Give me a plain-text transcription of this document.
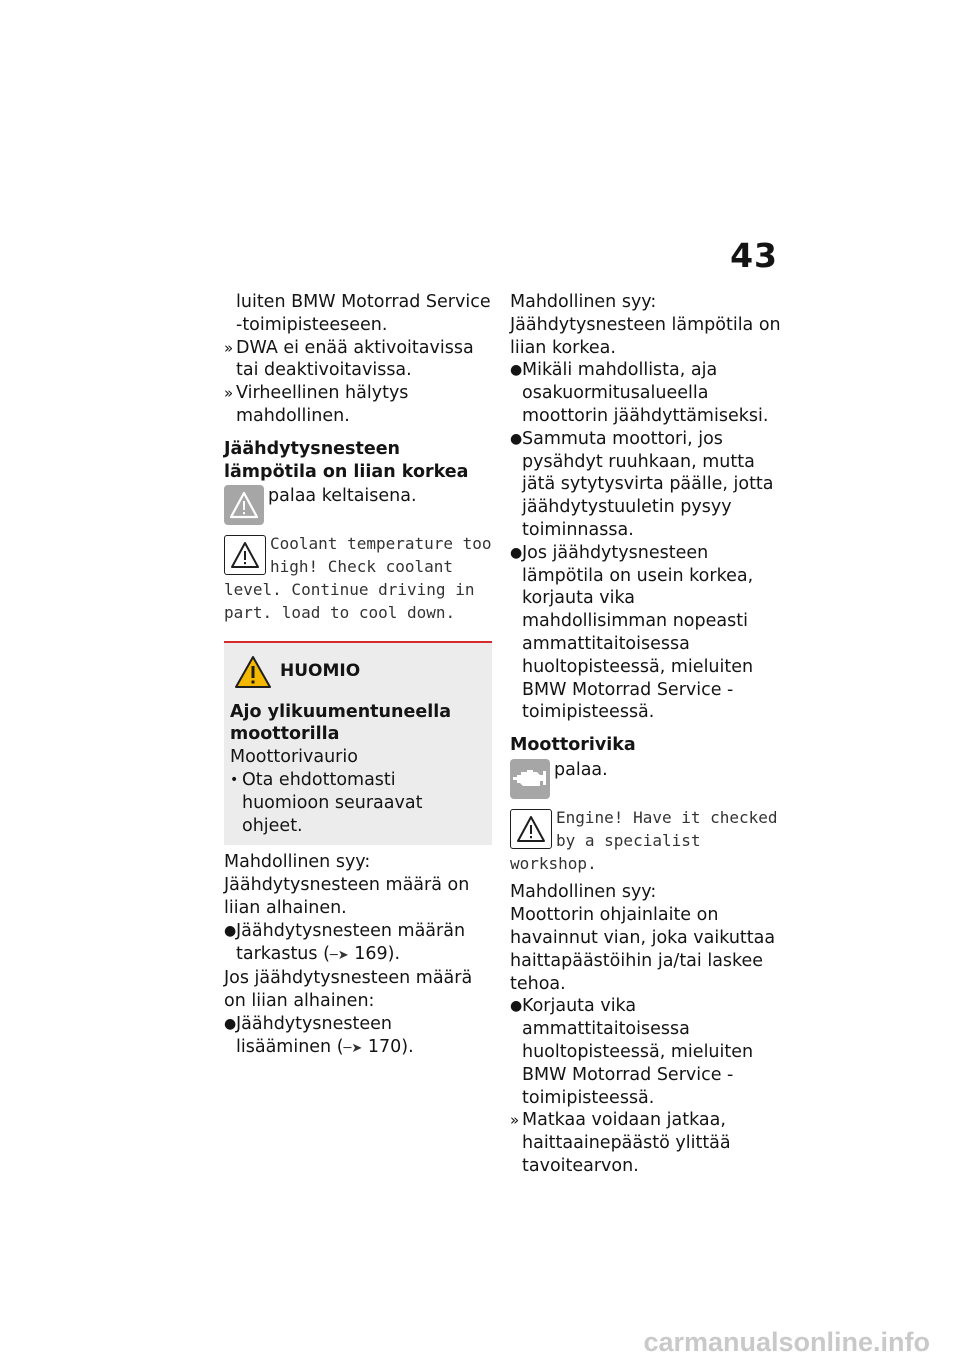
43

luiten BMW Motorrad Service

-toimipisteeseen.

» DWA ei enää aktivoitavissa tai deaktivoitavissa.
» Virheellinen hälytys mahdollinen.

Jäähdytysnesteen lämpötila on liian korkea

palaa keltaisena.
Coolant temperature too high! Check coolant level. Continue driving in part. load to cool down.
HUOMIO

Ajo ylikuumentuneella moottorilla

Moottorivaurio

• Ota ehdottomasti huomioon seuraavat ohjeet.

Mahdollinen syy:

Jäähdytysnesteen määrä on liian alhainen.

● Jäähdytysnesteen määrän tarkastus (─➤ 169).

Jos jäähdytysnesteen määrä on liian alhainen:

● Jäähdytysnesteen lisääminen (─➤ 170).

Mahdollinen syy:

Jäähdytysnesteen lämpötila on liian korkea.

● Mikäli mahdollista, aja osakuormitusalueella moottorin jäähdyttämiseksi.
● Sammuta moottori, jos pysähdyt ruuhkaan, mutta jätä sytytysvirta päälle, jotta jäähdytystuuletin pysyy toiminnassa.
● Jos jäähdytysnesteen lämpötila on usein korkea, korjauta vika mahdollisimman nopeasti ammattitaitoisessa huoltopisteessä, mieluiten BMW Motorrad Service -toimipisteessä.

Moottorivika

palaa.
Engine! Have it checked by a specialist workshop.

Mahdollinen syy:

Moottorin ohjainlaite on havainnut vian, joka vaikuttaa haittapäästöihin ja/tai laskee tehoa.

● Korjauta vika ammattitaitoisessa huoltopisteessä, mieluiten BMW Motorrad Service -toimipisteessä.
» Matkaa voidaan jatkaa, haittaainepäästö ylittää tavoitearvon.
carmanualsonline.info
